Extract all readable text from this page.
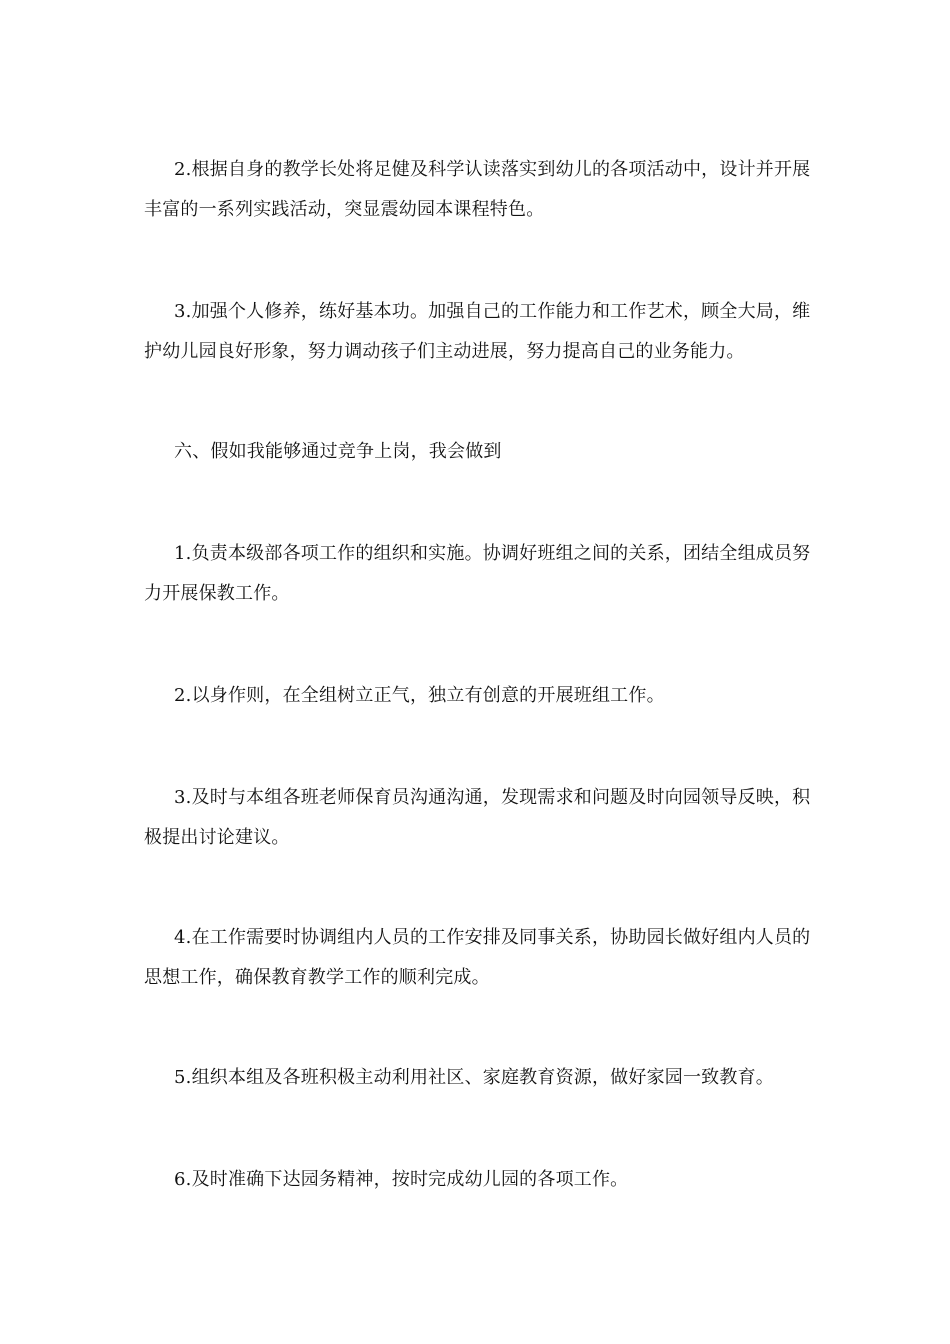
2.根据自身的教学长处将足健及科学认读落实到幼儿的各项活动中，设计并开展丰富的一系列实践活动，突显震幼园本课程特色。

3.加强个人修养，练好基本功。加强自己的工作能力和工作艺术，顾全大局，维护幼儿园良好形象，努力调动孩子们主动进展，努力提高自己的业务能力。

六、假如我能够通过竞争上岗，我会做到

1.负责本级部各项工作的组织和实施。协调好班组之间的关系，团结全组成员努力开展保教工作。

2.以身作则，在全组树立正气，独立有创意的开展班组工作。

3.及时与本组各班老师保育员沟通沟通，发现需求和问题及时向园领导反映，积极提出讨论建议。

4.在工作需要时协调组内人员的工作安排及同事关系，协助园长做好组内人员的思想工作，确保教育教学工作的顺利完成。

5.组织本组及各班积极主动利用社区、家庭教育资源，做好家园一致教育。

6.及时准确下达园务精神，按时完成幼儿园的各项工作。
